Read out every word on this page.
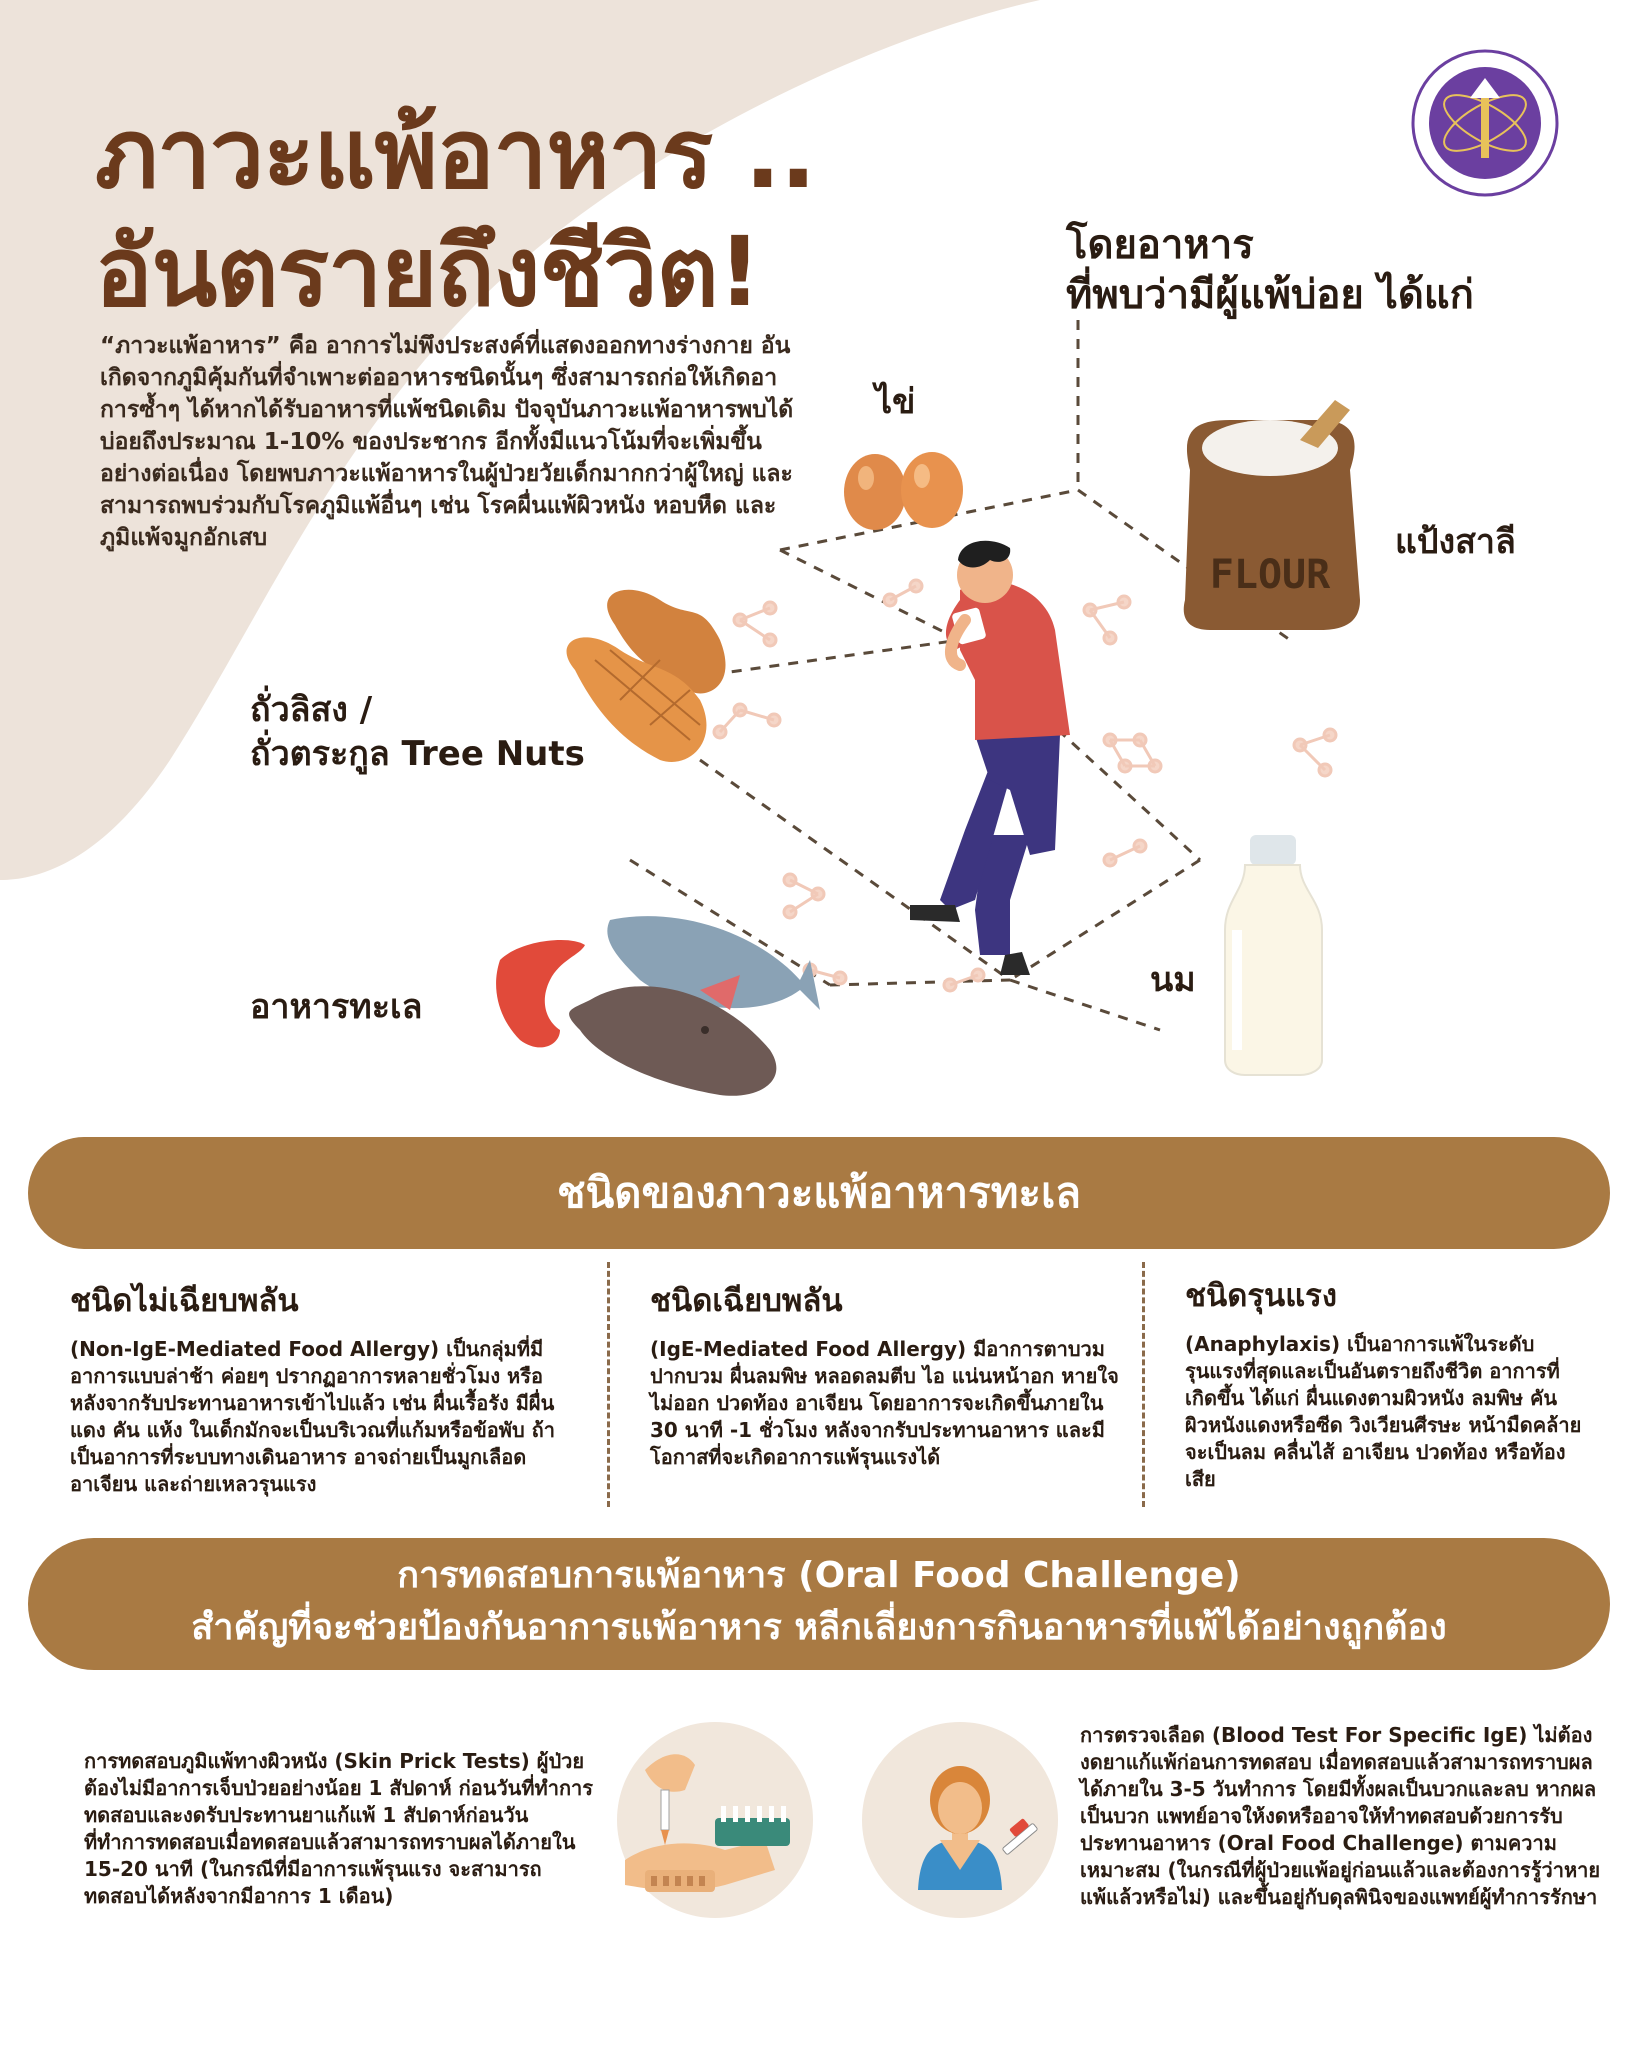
ภาวะแพ้อาหาร ..
อันตรายถึงชีวิต!
“ภาวะแพ้อาหาร” คือ อาการไม่พึงประสงค์ที่แสดงออกทางร่างกาย อันเกิดจากภูมิคุ้มกันที่จำเพาะต่ออาหารชนิดนั้นๆ ซึ่งสามารถก่อให้เกิดอาการซ้ำๆ ได้หากได้รับอาหารที่แพ้ชนิดเดิม ปัจจุบันภาวะแพ้อาหารพบได้บ่อยถึงประมาณ 1-10% ของประชากร อีกทั้งมีแนวโน้มที่จะเพิ่มขึ้นอย่างต่อเนื่อง โดยพบภาวะแพ้อาหารในผู้ป่วยวัยเด็กมากกว่าผู้ใหญ่ และสามารถพบร่วมกับโรคภูมิแพ้อื่นๆ เช่น โรคผื่นแพ้ผิวหนัง หอบหืด และภูมิแพ้จมูกอักเสบ
โดยอาหาร
ที่พบว่ามีผู้แพ้บ่อย ได้แก่
FLOUR
ไข่
แป้งสาลี
ถั่วลิสง /
ถั่วตระกูล Tree Nuts
อาหารทะเล
นม
ชนิดของภาวะแพ้อาหารทะเล
ชนิดไม่เฉียบพลัน

(Non-IgE-Mediated Food Allergy) เป็นกลุ่มที่มีอาการแบบล่าช้า ค่อยๆ ปรากฏอาการหลายชั่วโมง หรือ หลังจากรับประทานอาหารเข้าไปแล้ว เช่น ผื่นเรื้อรัง มีผื่นแดง คัน แห้ง ในเด็กมักจะเป็นบริเวณที่แก้มหรือข้อพับ ถ้าเป็นอาการที่ระบบทางเดินอาหาร อาจถ่ายเป็นมูกเลือด อาเจียน และถ่ายเหลวรุนแรง

ชนิดเฉียบพลัน

(IgE-Mediated Food Allergy) มีอาการตาบวม ปากบวม ผื่นลมพิษ หลอดลมตีบ ไอ แน่นหน้าอก หายใจไม่ออก ปวดท้อง อาเจียน โดยอาการจะเกิดขึ้นภายใน 30 นาที -1 ชั่วโมง หลังจากรับประทานอาหาร และมีโอกาสที่จะเกิดอาการแพ้รุนแรงได้

ชนิดรุนแรง

(Anaphylaxis) เป็นอาการแพ้ในระดับรุนแรงที่สุดและเป็นอันตรายถึงชีวิต อาการที่เกิดขึ้น ได้แก่ ผื่นแดงตามผิวหนัง ลมพิษ คัน ผิวหนังแดงหรือซีด วิงเวียนศีรษะ หน้ามืดคล้ายจะเป็นลม คลื่นไส้ อาเจียน ปวดท้อง หรือท้องเสีย

การทดสอบการแพ้อาหาร (Oral Food Challenge)
สำคัญที่จะช่วยป้องกันอาการแพ้อาหาร หลีกเลี่ยงการกินอาหารที่แพ้ได้อย่างถูกต้อง
การทดสอบภูมิแพ้ทางผิวหนัง (Skin Prick Tests) ผู้ป่วยต้องไม่มีอาการเจ็บป่วยอย่างน้อย 1 สัปดาห์ ก่อนวันที่ทำการทดสอบและงดรับประทานยาแก้แพ้ 1 สัปดาห์ก่อนวันที่ทำการทดสอบเมื่อทดสอบแล้วสามารถทราบผลได้ภายใน 15-20 นาที (ในกรณีที่มีอาการแพ้รุนแรง จะสามารถทดสอบได้หลังจากมีอาการ 1 เดือน)
การตรวจเลือด (Blood Test For Specific IgE) ไม่ต้องงดยาแก้แพ้ก่อนการทดสอบ เมื่อทดสอบแล้วสามารถทราบผลได้ภายใน 3-5 วันทำการ โดยมีทั้งผลเป็นบวกและลบ หากผลเป็นบวก แพทย์อาจให้งดหรืออาจให้ทำทดสอบด้วยการรับประทานอาหาร (Oral Food Challenge) ตามความเหมาะสม (ในกรณีที่ผู้ป่วยแพ้อยู่ก่อนแล้วและต้องการรู้ว่าหายแพ้แล้วหรือไม่) และขึ้นอยู่กับดุลพินิจของแพทย์ผู้ทำการรักษา
